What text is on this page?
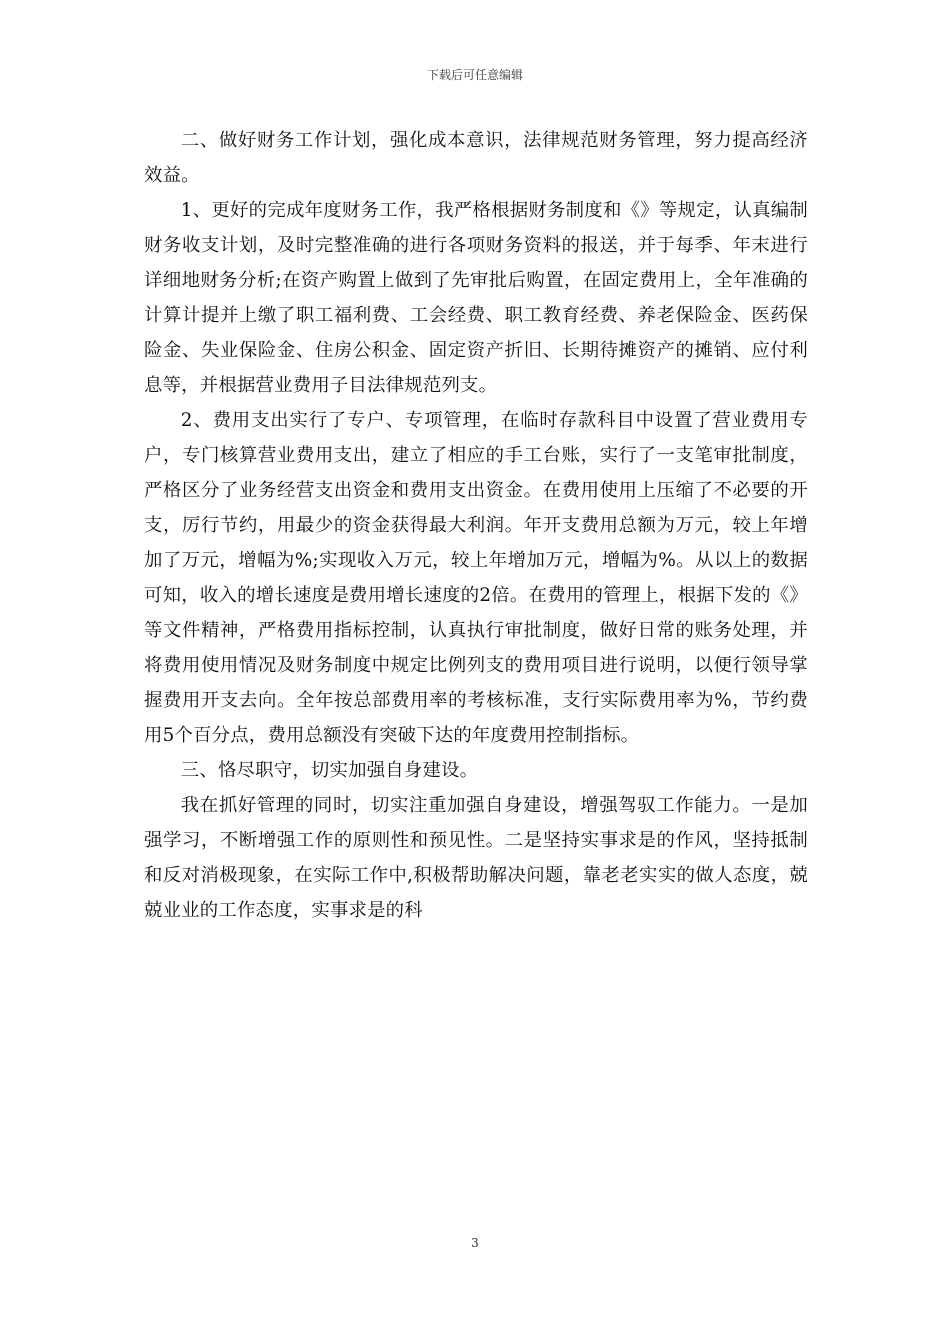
下载后可任意编辑

二、做好财务工作计划，强化成本意识，法律规范财务管理，努力提高经济效益。

1、更好的完成年度财务工作，我严格根据财务制度和《》等规定，认真编制财务收支计划，及时完整准确的进行各项财务资料的报送，并于每季、年末进行详细地财务分析;在资产购置上做到了先审批后购置，在固定费用上，全年准确的计算计提并上缴了职工福利费、工会经费、职工教育经费、养老保险金、医药保险金、失业保险金、住房公积金、固定资产折旧、长期待摊资产的摊销、应付利息等，并根据营业费用子目法律规范列支。

2、费用支出实行了专户、专项管理，在临时存款科目中设置了营业费用专户，专门核算营业费用支出，建立了相应的手工台账，实行了一支笔审批制度，严格区分了业务经营支出资金和费用支出资金。在费用使用上压缩了不必要的开支，厉行节约，用最少的资金获得最大利润。年开支费用总额为万元，较上年增加了万元，增幅为%;实现收入万元，较上年增加万元，增幅为%。从以上的数据可知，收入的增长速度是费用增长速度的2倍。在费用的管理上，根据下发的《》等文件精神，严格费用指标控制，认真执行审批制度，做好日常的账务处理，并将费用使用情况及财务制度中规定比例列支的费用项目进行说明，以便行领导掌握费用开支去向。全年按总部费用率的考核标准，支行实际费用率为%，节约费用5个百分点，费用总额没有突破下达的年度费用控制指标。

三、恪尽职守，切实加强自身建设。

我在抓好管理的同时，切实注重加强自身建设，增强驾驭工作能力。一是加强学习，不断增强工作的原则性和预见性。二是坚持实事求是的作风，坚持抵制和反对消极现象，在实际工作中,积极帮助解决问题，靠老老实实的做人态度，兢兢业业的工作态度，实事求是的科

3
